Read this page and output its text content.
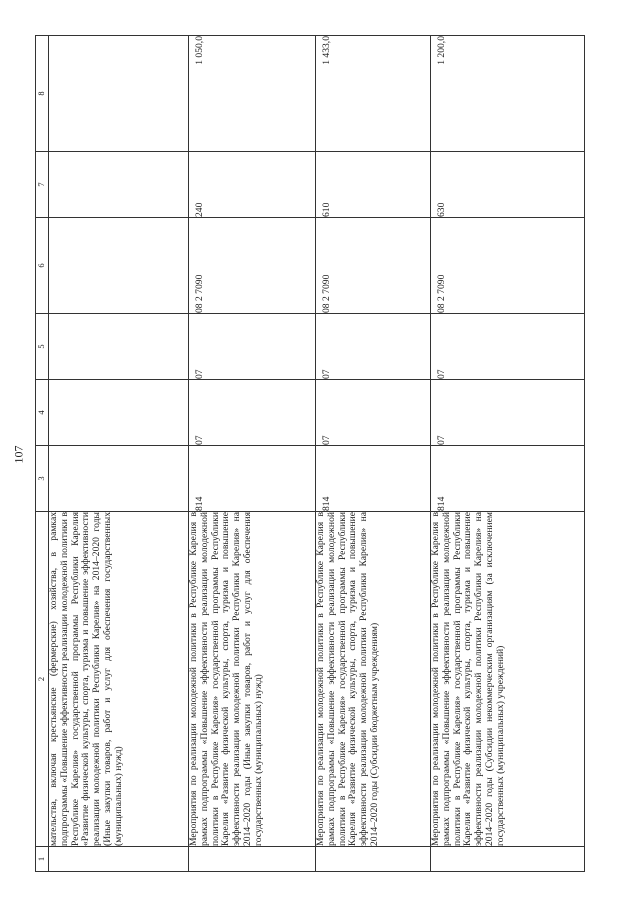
107
1	2	3	4	5	6	7	8
	мательства, включая крестьянские (фермерские) хозяйства, в рамках подпрограммы «Повышение эффективности реализации молодежной политики в Республике Карелия» государственной программы Республики Карелия «Развитие физической культуры, спорта, туризма и повышение эффективности реализации молодежной политики Республики Карелия» на 2014–2020 годы (Иные закупки товаров, работ и услуг для обеспечения государственных (муниципальных) нужд)	

	Мероприятия по реализации молодежной политики в Республике Карелия в рамках подпрограммы «Повышение эффективности реализации молодежной политики в Республике Карелия» государственной программы Республики Карелия «Развитие физической культуры, спорта, туризма и повышение эффективности реализации молодежной политики Республики Карелия» на 2014–2020 годы (Иные закупки товаров, работ и услуг для обеспечения государственных (муниципальных) нужд)	814	07	07	08 2 7090	240	1 050,0

	Мероприятия по реализации молодежной политики в Республике Карелия в рамках подпрограммы «Повышение эффективности реализации молодежной политики в Республике Карелия» государственной программы Республики Карелия «Развитие физической культуры, спорта, туризма и повышение эффективности реализации молодежной политики Республики Карелия» на 2014–2020 годы (Субсидии бюджетным учреждениям)	814	07	07	08 2 7090	610	1 433,0

	Мероприятия по реализации молодежной политики в Республике Карелия в рамках подпрограммы «Повышение эффективности реализации молодежной политики в Республике Карелия» государственной программы Республики Карелия «Развитие физической культуры, спорта, туризма и повышение эффективности реализации молодежной политики Республики Карелия» на 2014–2020 годы (Субсидии некоммерческим организациям (за исключением государственных (муниципальных) учреждений)	814	07	07	08 2 7090	630	1 200,0
